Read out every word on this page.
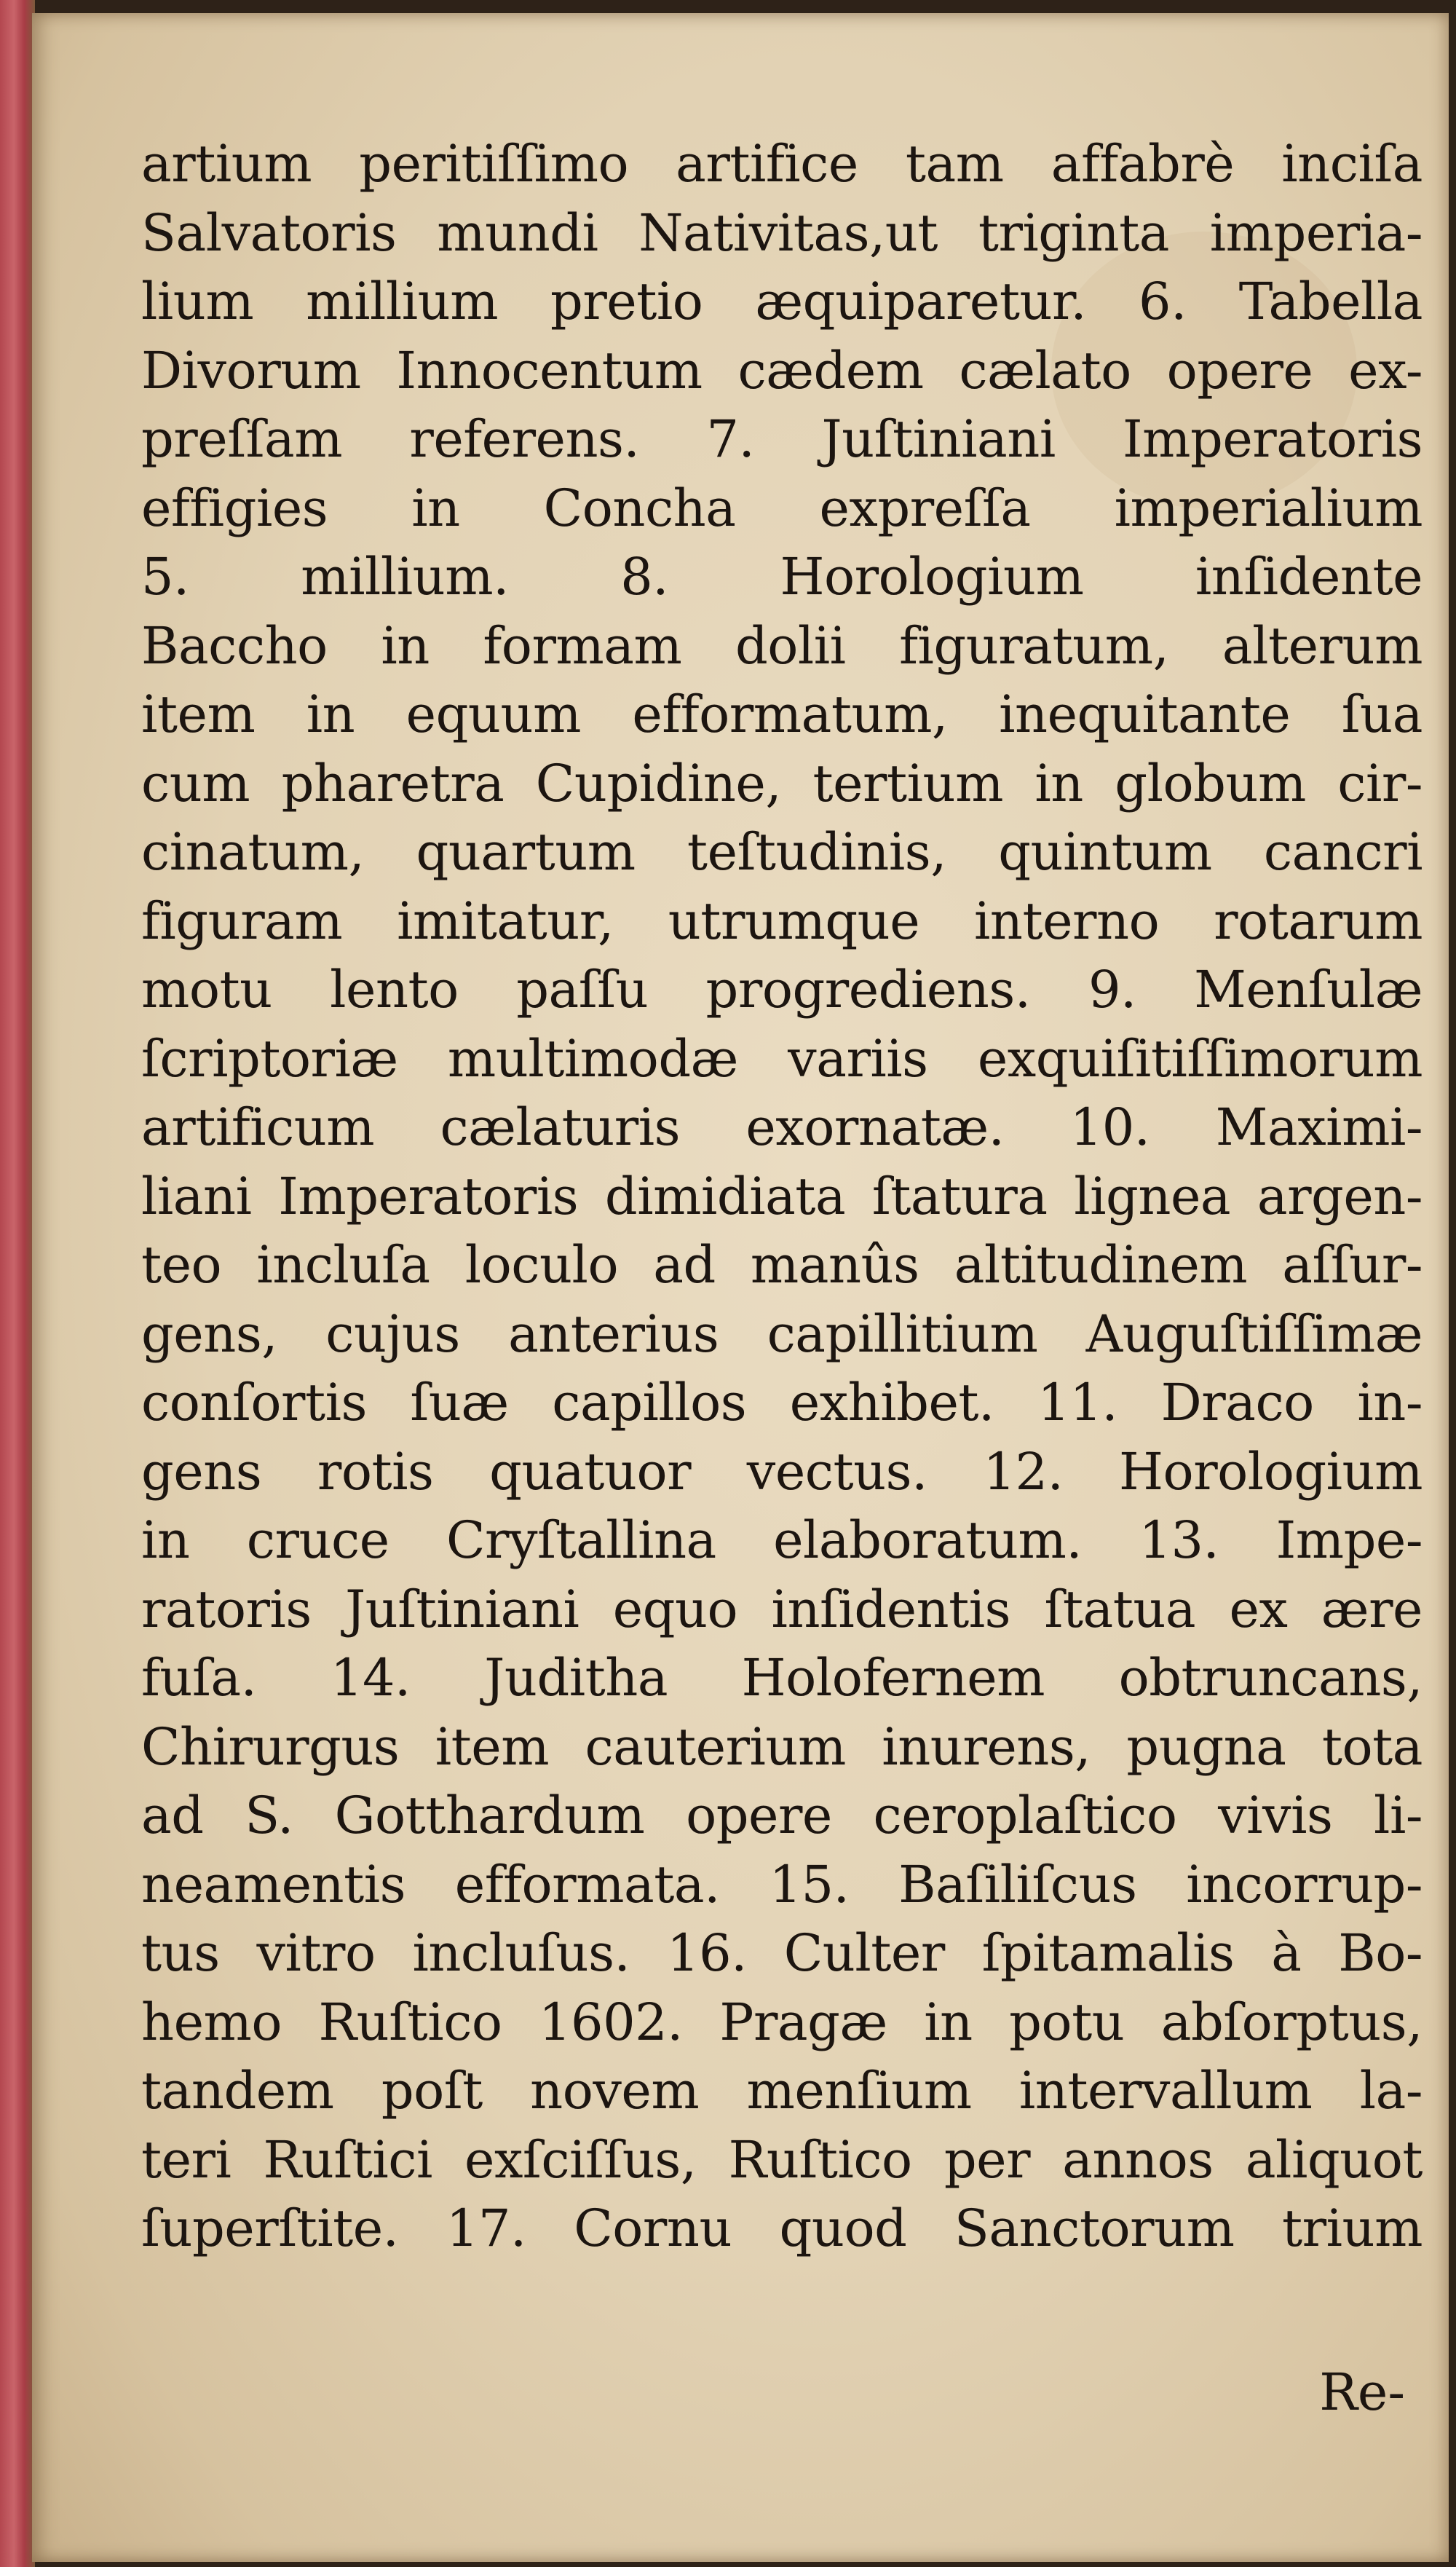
artium peritiſſimo artifice tam affabrè inciſa
Salvatoris mundi Nativitas,ut triginta imperia-
lium millium pretio æquiparetur. 6. Tabella
Divorum Innocentum cædem cælato opere ex-
preſſam referens. 7. Juſtiniani Imperatoris
effigies in Concha expreſſa imperialium
5. millium. 8. Horologium inſidente
Baccho in formam dolii figuratum, alterum
item in equum efformatum, inequitante ſua
cum pharetra Cupidine, tertium in globum cir-
cinatum, quartum teſtudinis, quintum cancri
figuram imitatur, utrumque interno rotarum
motu lento paſſu progrediens. 9. Menſulæ
ſcriptoriæ multimodæ variis exquiſitiſſimorum
artificum cælaturis exornatæ. 10. Maximi-
liani Imperatoris dimidiata ſtatura lignea argen-
teo incluſa loculo ad manûs altitudinem aſſur-
gens, cujus anterius capillitium Auguſtiſſimæ
conſortis ſuæ capillos exhibet. 11. Draco in-
gens rotis quatuor vectus. 12. Horologium
in cruce Cryſtallina elaboratum. 13. Impe-
ratoris Juſtiniani equo inſidentis ſtatua ex ære
fuſa. 14. Juditha Holofernem obtruncans,
Chirurgus item cauterium inurens, pugna tota
ad S. Gotthardum opere ceroplaſtico vivis li-
neamentis efformata. 15. Baſiliſcus incorrup-
tus vitro incluſus. 16. Culter ſpitamalis à Bo-
hemo Ruſtico 1602. Pragæ in potu abſorptus,
tandem poſt novem menſium intervallum la-
teri Ruſtici exſciſſus, Ruſtico per annos aliquot
ſuperſtite. 17. Cornu quod Sanctorum trium
Re-
